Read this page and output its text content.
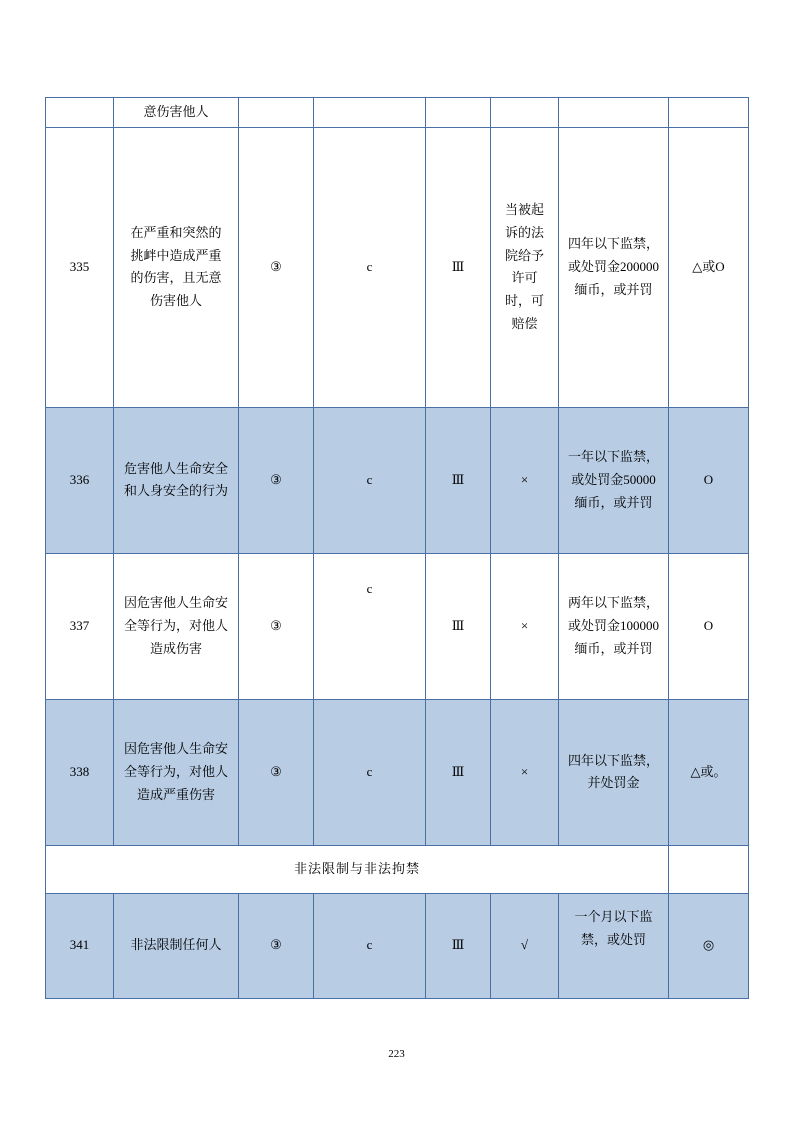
	意伤害他人						
335	在严重和突然的挑衅中造成严重的伤害，且无意伤害他人	③	c	Ⅲ	当被起诉的法院给予许可时，可赔偿	四年以下监禁，或处罚金200000 缅币，或并罚	△或O
336	危害他人生命安全和人身安全的行为	③	c	Ⅲ	×	一年以下监禁，或处罚金50000 缅币，或并罚	O
337	因危害他人生命安全等行为，对他人造成伤害	③	c	Ⅲ	×	两年以下监禁，或处罚金100000 缅币，或并罚	O
338	因危害他人生命安全等行为，对他人造成严重伤害	③	c	Ⅲ	×	四年以下监禁，并处罚金	△或。
非法限制与非法拘禁							
341	非法限制任何人	③	c	Ⅲ	√	一个月以下监禁，或处罚	◎
223
